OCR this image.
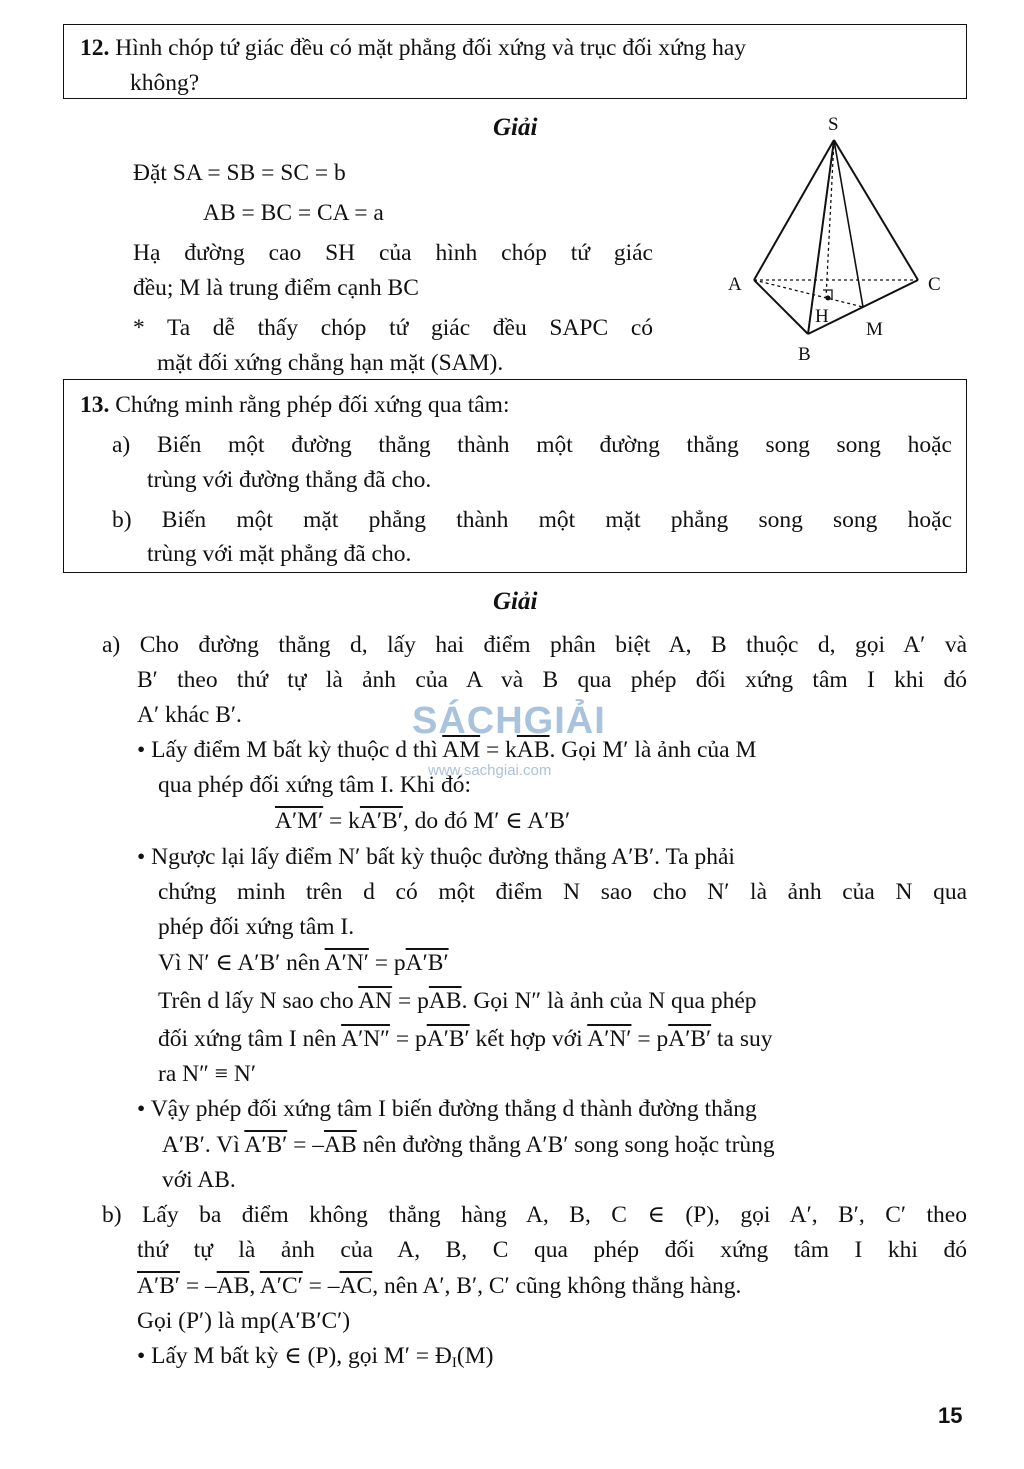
12. Hình chóp tứ giác đều có mặt phẳng đối xứng và trục đối xứng hay
không?
Giải
Đặt SA = SB = SC = b
AB = BC = CA = a
Hạ đường cao SH của hình chóp tứ giác
đều; M là trung điểm cạnh BC
* Ta dễ thấy chóp tứ giác đều SAPC có
mặt đối xứng chẳng hạn mặt (SAM).
S
A	C
H
M
B
13. Chứng minh rằng phép đối xứng qua tâm:
a) Biến một đường thẳng thành một đường thẳng song song hoặc
trùng với đường thẳng đã cho.
b) Biến một mặt phẳng thành một mặt phẳng song song hoặc
trùng với mặt phẳng đã cho.
Giải
a) Cho đường thẳng d, lấy hai điểm phân biệt A, B thuộc d, gọi A′ và
B′ theo thứ tự là ảnh của A và B qua phép đối xứng tâm I khi đó
A′ khác B′.	SÁCHGIẢI
www.sachgiai.com
• Lấy điểm M bất kỳ thuộc d thì $\overline{AM} = k\overline{AB}$. Gọi M′ là ảnh của M
qua phép đối xứng tâm I. Khi đó:
A′M′ = kA′B′, do đó M′ ∈ A′B′
• Ngược lại lấy điểm N′ bất kỳ thuộc đường thẳng A′B′. Ta phải
chứng minh trên d có một điểm N sao cho N′ là ảnh của N qua
phép đối xứng tâm I.
Vì N′ ∈ A′B′ nên A′N′ = pA′B′
Trên d lấy N sao cho $\overline{AN} = p\overline{AB}$. Gọi N″ là ảnh của N qua phép
đối xứng tâm I nên A′N″ = pA′B′ kết hợp với A′N′ = pA′B′ ta suy
ra N″ ≡ N′
• Vậy phép đối xứng tâm I biến đường thẳng d thành đường thẳng
A′B′. Vì $A'B' = -\overline{AB}$ nên đường thẳng A′B′ song song hoặc trùng
với AB.
b) Lấy ba điểm không thẳng hàng A, B, C ∈ (P), gọi A′, B′, C′ theo
thứ tự là ảnh của A, B, C qua phép đối xứng tâm I khi đó
$A'B' = -\overline{AB}$, $A'C' = -\overline{AC}$, nên A′, B′, C′ cũng không thẳng hàng.
Gọi (P′) là mp(A′B′C′)
• Lấy M bất kỳ ∈ (P), gọi $M' = Đ_I(M)$
15
